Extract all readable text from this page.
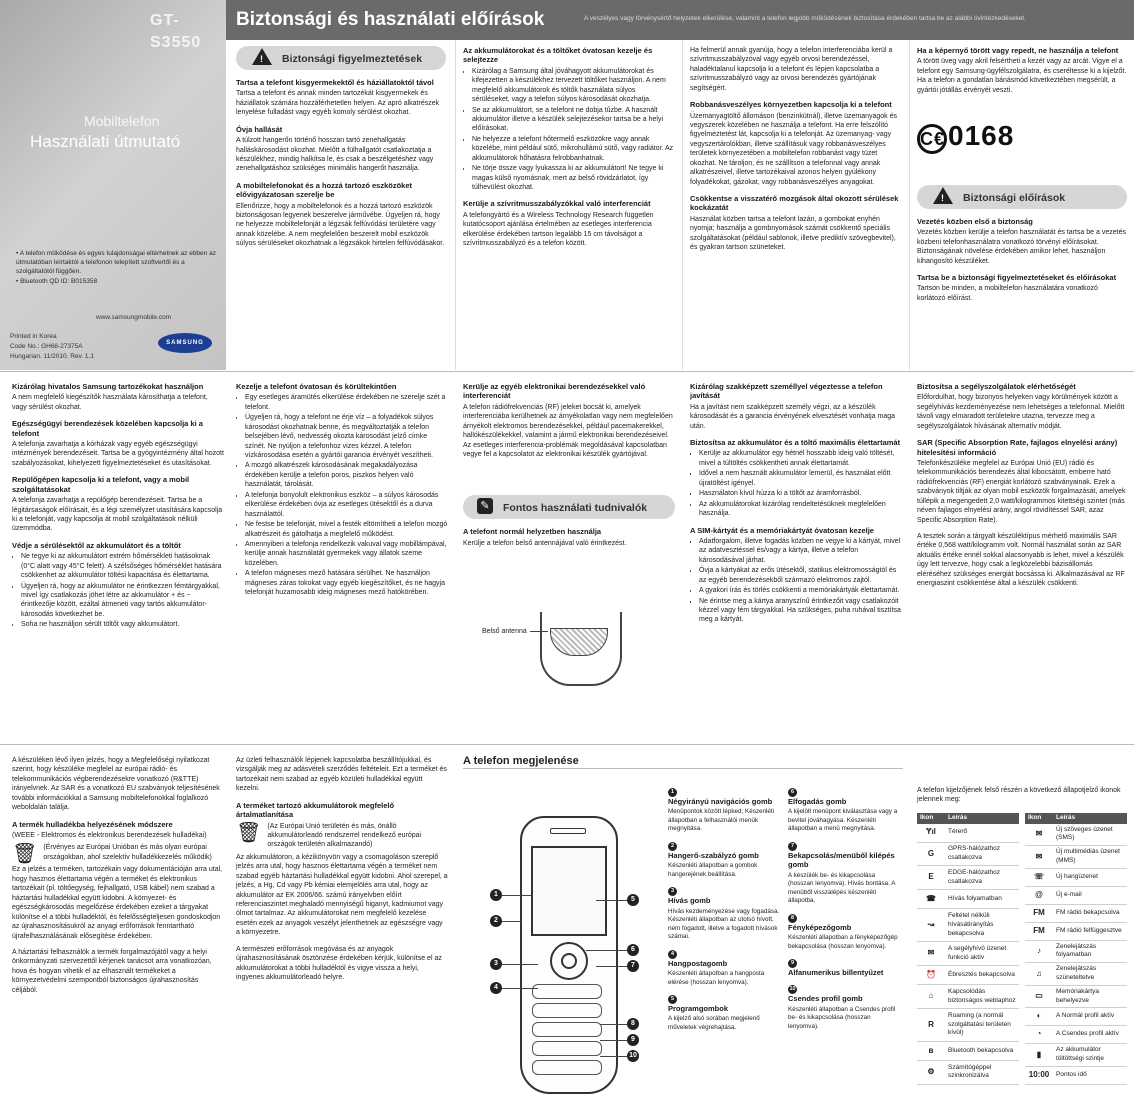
Biztonsági és használati előírások	A veszélyes vagy törvénysértő helyzetek elkerülése, valamint a telefon legjobb működésének biztosítása érdekében tartsa be az alábbi óvintézkedéseket.
GT-S3550
Mobiltelefon
Használati útmutató
• A telefon működése és egyes tulajdonságai eltérhetnek az ebben az útmutatóban leírtaktól a telefonon telepített szoftvertől és a szolgáltatótól függően.
• Bluetooth QD ID: B015358
www.samsungmobile.com
Printed in Korea
Code No.: GH68-27375A
Hungarian. 11/2010. Rev. 1.1
SAMSUNG
! Biztonsági figyelmeztetések
Tartsa a telefont kisgyermekektől és háziállatoktól távol

Tartsa a telefont és annak minden tartozékát kisgyermekek és háziállatok számára hozzáférhetetlen helyen. Az apró alkatrészek lenyelése fulladást vagy egyéb komoly sérülést okozhat.

Óvja hallását

A túlzott hangerőn történő hosszan tartó zenehallgatás halláskárosodást okozhat. Mielőtt a fülhallgatót csatlakoztatja a készülékhez, mindig halkítsa le, és csak a beszélgetéshez vagy zenehallgatáshoz szükséges minimális hangerőt használja.

A mobiltelefonokat és a hozzá tartozó eszközöket elővigyázatosan szerelje be

Ellenőrizze, hogy a mobiltelefonok és a hozzá tartozó eszközök biztonságosan legyenek beszerelve járművébe. Ügyeljen rá, hogy ne helyezze mobiltelefonját a légzsák felfúvódási területére vagy annak közelébe. A nem megfelelően beszerelt mobil eszközök súlyos sérüléseket okozhatnak a légzsákok hirtelen felfúvódásakor.

Az akkumulátorokat és a töltőket óvatosan kezelje és selejtezze
• Kizárólag a Samsung által jóváhagyott akkumulátorokat és kifejezetten a készülékhez tervezett töltőket használjon. A nem megfelelő akkumulátorok és töltők használata súlyos sérüléseket, vagy a telefon súlyos károsodását okozhatja.
• Se az akkumulátort, se a telefont ne dobja tűzbe. A használt akkumulátor illetve a készülék selejtezésekor tartsa be a helyi előírásokat.
• Ne helyezze a telefont hőtermelő eszközökre vagy annak közelébe, mint például sütő, mikrohullámú sütő, vagy radiátor. Az akkumulátorok hőhatásra felrobbanhatnak.
• Ne törje össze vagy lyukassza ki az akkumulátort! Ne tegye ki magas külső nyomásnak, mert az belső rövidzárlatot, így túlhevülést okozhat.
Kerülje a szívritmusszabályzókkal való interferenciát

A telefongyártó és a Wireless Technology Research független kutatócsoport ajánlása értelmében az esetleges interferencia elkerülése érdekében tartson legalább 15 cm távolságot a szívritmusszabályzó és a telefon között.

Ha felmerül annak gyanúja, hogy a telefon interferenciába kerül a szívritmusszabályzóval vagy egyéb orvosi berendezéssel, haladéktalanul kapcsolja ki a telefont és lépjen kapcsolatba a szívritmusszabályzó vagy az orvosi berendezés gyártójának segítségért.

Robbanásveszélyes környezetben kapcsolja ki a telefont

Üzemanyagtöltő állomáson (benzinkútnál), illetve üzemanyagok és vegyszerek közelében ne használja a telefont. Ha erre felszólító figyelmeztetést lát, kapcsolja ki a telefonját. Az üzemanyag- vagy vegyszertárolókban, illetve szállításuk vagy robbanásveszélyes területek környezetében a mobiltelefon robbanást vagy tüzet okozhat. Ne tároljon, és ne szállítson a telefonnal vagy annak alkatrészeivel, illetve tartozékaival azonos helyen gyúlékony folyadékokat, gázokat, vagy robbanásveszélyes anyagokat.

Csökkentse a visszatérő mozgások által okozott sérülések kockázatát

Használat közben tartsa a telefont lazán, a gombokat enyhén nyomja; használja a gombnyomások számát csökkentő speciális szolgáltatásokat (például sablonok, illetve prediktív szövegbevitel), és gyakran tartson szüneteket.

Ha a képernyő törött vagy repedt, ne használja a telefont

A törött üveg vagy akril felsértheti a kezét vagy az arcát. Vigye el a telefont egy Samsung-ügyfélszolgálatra, és cseréltesse ki a kijelzőt. Ha a telefon a gondatlan bánásmód következtében megsérült, a gyártói jótállás érvényét veszti.

C€ 0168
! Biztonsági előírások
Vezetés közben első a biztonság

Vezetés közben kerülje a telefon használatát és tartsa be a vezetés közbeni telefonhasználatra vonatkozó törvényi előírásokat. Biztonságának növelése érdekében amikor lehet, használjon kihangosító készüléket.

Tartsa be a biztonsági figyelmeztetéseket és előírásokat

Tartson be minden, a mobiltelefon használatára vonatkozó korlátozó előírást.

Kizárólag hivatalos Samsung tartozékokat használjon

A nem megfelelő kiegészítők használata károsíthatja a telefont, vagy sérülést okozhat.

Egészségügyi berendezések közelében kapcsolja ki a telefont

A telefonja zavarhatja a kórházak vagy egyéb egészségügyi intézmények berendezéseit. Tartsa be a gyógyintézmény által hozott szabályozásokat, kihelyezett figyelmeztetéseket és utasításokat.

Repülőgépen kapcsolja ki a telefont, vagy a mobil szolgáltatásokat

A telefonja zavarhatja a repülőgép berendezéseit. Tartsa be a légitársaságok előírásait, és a légi személyzet utasítására kapcsolja ki a telefonját, vagy kapcsolja át mobil szolgáltatások nélküli üzemmódba.

Védje a sérülésektől az akkumulátort és a töltőt
• Ne tegye ki az akkumulátort extrém hőmérsékleti hatásoknak (0°C alatt vagy 45°C felett). A szélsőséges hőmérséklet hatására csökkenhet az akkumulátor töltési kapacitása és élettartama.
• Ügyeljen rá, hogy az akkumulátor ne érintkezzen fémtárgyakkal, mivel így csatlakozás jöhet létre az akkumulátor + és − érintkezője között, ezáltal átmeneti vagy tartós akkumulátor-károsodás következhet be.
• Soha ne használjon sérült töltőt vagy akkumulátort.
Kezelje a telefont óvatosan és körültekintően
• Egy esetleges áramütés elkerülése érdekében ne szerelje szét a telefont.
• Ügyeljen rá, hogy a telefont ne érje víz – a folyadékok súlyos károsodást okozhatnak benne, és megváltoztatják a telefon belsejében lévő, nedvesség okozta károsodást jelző címke színét. Ne nyúljon a telefonhoz vizes kézzel. A telefon vízkárosodása esetén a gyártói garancia érvényét veszítheti.
• A mozgó alkatrészek károsodásának megakadályozása érdekében kerülje a telefon poros, piszkos helyen való használatát, tárolását.
• A telefonja bonyolult elektronikus eszköz – a súlyos károsodás elkerülése érdekében óvja az esetleges ütésektől és a durva használattól.
• Ne festse be telefonját, mivel a festék eltömítheti a telefon mozgó alkatrészeit és gátolhatja a megfelelő működést.
• Amennyiben a telefonja rendelkezik vakuval vagy mobillámpával, kerülje annak használatát gyermekek vagy állatok szeme közelében.
• A telefon mágneses mező hatására sérülhet. Ne használjon mágneses záras tokokat vagy egyéb kiegészítőket, és ne hagyja telefonját huzamosabb ideig mágneses mező hatókörében.
Kerülje az egyéb elektronikai berendezésekkel való interferenciát

A telefon rádiófrekvenciás (RF) jeleket bocsát ki, amelyek interferenciába kerülhetnek az árnyékolatlan vagy nem megfelelően árnyékolt elektromos berendezésekkel, például pacemakerekkel, hallókészülékekkel, valamint a jármű elektronikai berendezéseivel. Az esetleges interferencia-problémák megoldásával kapcsolatban vegye fel a kapcsolatot az elektronikai készülék gyártójával.

✎	Fontos használati tudnivalók
A telefont normál helyzetben használja

Kerülje a telefon belső antennájával való érintkezést.

Belső antenna
Kizárólag szakképzett személlyel végeztesse a telefon javítását

Ha a javítást nem szakképzett személy végzi, az a készülék károsodását és a garancia érvényének elvesztését vonhatja maga után.

Biztosítsa az akkumulátor és a töltő maximális élettartamát
• Kerülje az akkumulátor egy hétnél hosszabb ideig való töltését, mivel a túltöltés csökkentheti annak élettartamát.
• Idővel a nem használt akkumulátor lemerül, és használat előtt újratöltést igényel.
• Használaton kívül húzza ki a töltőt az áramforrásból.
• Az akkumulátorokat kizárólag rendeltetésüknek megfelelően használja.
A SIM-kártyát és a memóriakártyát óvatosan kezelje
• Adatforgalom, illetve fogadás közben ne vegye ki a kártyát, mivel az adatvesztéssel és/vagy a kártya, illetve a telefon károsodásával járhat.
• Óvja a kártyákat az erős ütésektől, statikus elektromosságtól és az egyéb berendezésekből származó elektromos zajtól.
• A gyakori írás és törlés csökkenti a memóriakártyák élettartamát.
• Ne érintse meg a kártya aranyszínű érintkezőit vagy csatlakozóit kézzel vagy fém tárgyakkal. Ha szükséges, puha ruhával tisztítsa meg a kártyát.
Biztosítsa a segélyszolgálatok elérhetőségét

Előfordulhat, hogy bizonyos helyeken vagy körülmények között a segélyhívás kezdeményezése nem lehetséges a telefonnal. Mielőtt távoli vagy elmaradott területekre utazna, tervezze meg a segélyszolgálatok hívásának alternatív módját.

SAR (Specific Absorption Rate, fajlagos elnyelési arány) hitelesítési információ

Telefonkészüléke megfelel az Európai Unió (EU) rádió és telekommunikációs berendezés által kibocsátott, emberre ható rádiófrekvenciás (RF) energiát korlátozó szabványainak. Ezek a szabványok tiltják az olyan mobil eszközök forgalmazását, amelyek túllépik a megengedett 2,0 watt/kilogrammos kitettségi szintet (más néven fajlagos elnyelési arány, angol rövidítéssel SAR, azaz Specific Absorption Rate).

A tesztek során a tárgyalt készüléktípus mérhető maximális SAR értéke 0,568 watt/kilogramm volt. Normál használat során az SAR aktuális értéke ennél sokkal alacsonyabb is lehet, mivel a készülék úgy lett tervezve, hogy csak a legközelebbi bázisállomás eléréséhez szükséges energiát bocsássa ki. Alkalmazásával az RF energiaszint csökkentése által a készülék csökkenti.

A készüléken lévő ilyen jelzés, hogy a Megfelelőségi nyilatkozat szerint, hogy készüléke megfelel az európai rádió- és telekommunikációs végberendezésekre vonatkozó (R&TTE) irányelvnek. Az SAR és a vonatkozó EU szabványok teljesítésének további információkkal a Samsung mobiltelefonokkal foglalkozó weboldalán találja.

A termék hulladékba helyezésének módszere

(WEEE - Elektromos és elektronikus berendezések hulladékai)

🗑 (Érvényes az Európai Unióban és más olyan európai országokban, ahol szelektív hulladékkezelés működik)

Ez a jelzés a terméken, tartozékain vagy dokumentációján arra utal, hogy hasznos élettartama végén a terméket és elektronikus tartozékait (pl. töltőegység, fejhallgató, USB kábel) nem szabad a háztartási hulladékkal együtt kidobni. A környezet- és egészségkárosodás megelőzése érdekében ezeket a tárgyakat különítse el a többi hulladéktól, és felelősségteljesen gondoskodjon az újrahasznosításukról az anyagi erőforrások fenntartható újrafelhasználásának elősegítése érdekében.

A háztartási felhasználók a termék forgalmazójától vagy a helyi önkormányzati szervezettől kérjenek tanácsot arra vonatkozóan, hova és hogyan vihetik el az elhasznált termékeket a környezetvédelmi szempontból biztonságos újrahasznosítás céljából.

Az üzleti felhasználók lépjenek kapcsolatba beszállítójukkal, és vizsgálják meg az adásvételi szerződés feltételeit. Ezt a terméket és tartozékait nem szabad az egyéb közületi hulladékkal együtt kezelni.

A terméket tartozó akkumulátorok megfelelő ártalmatlanítása
🗑 (Az Európai Unió területén és más, önálló akkumulátorleadó rendszerrel rendelkező európai országok területén alkalmazandó)

Az akkumulátoron, a kézikönyvön vagy a csomagoláson szereplő jelzés arra utal, hogy hasznos élettartama végén a terméket nem szabad egyéb háztartási hulladékkal együtt kidobni. Ahol szerepel, a jelzés, a Hg, Cd vagy Pb kémiai elemjelölés arra utal, hogy az akkumulátor az EK 2006/66. számú irányelvben előírt referenciaszintet meghaladó mennyiségű higanyt, kadmiumot vagy ólmot tartalmaz. Az akkumulátorokat nem megfelelő kezelése esetén ezek az anyagok veszélyt jelenthetnek az egészségre vagy a környezetre.

A természeti erőforrások megóvása és az anyagok újrahasznosításának ösztönzése érdekében kérjük, különítse el az akkumulátorokat a többi hulladéktól és vigye vissza a helyi, ingyenes akkumulátorleadó helyre.

A telefon megjelenése
1
2
3
4
5
6
7
8
9
10
1
Négyirányú navigációs gomb
Menüpontok között lépked; Készenléti állapotban a felhasználói menük megnyitása.
2
Hangerő-szabályzó gomb
Készenléti állapotban a gombok hangerejének beállítása.
3
Hívás gomb
Hívás kezdeményezése vagy fogadása. Készenléti állapotban az utolsó hívott, nem fogadott, illetve a fogadott hívások számai.
4
Hangpostagomb
Készenléti állapotban a hangposta elérése (hosszan lenyomva).
5
Programgombok
A kijelző alsó sorában megjelenő műveletek végrehajtása.
6
Elfogadás gomb
A kijelölt menüpont kiválasztása vagy a bevitel jóváhagyása. Készenléti állapotban a menü megnyitása.
7
Bekapcsolás/menüből kilépés gomb
A készülék be- és kikapcsolása (hosszan lenyomva). Hívás bontása. A menüből visszalépés készenléti állapotba.
8
Fényképezőgomb
Készenléti állapotban a fényképezőgép bekapcsolása (hosszan lenyomva).
9
Alfanumerikus billentyűzet
10
Csendes profil gomb
Készenléti állapotban a Csendes profil be- és kikapcsolása (hosszan lenyomva).

A telefon kijelzőjének felső részén a következő állapotjelző ikonok jelennek meg:

Ikon	Leírás
Ɏıl	Térerő
G	GPRS-hálózathoz csatlakozva
E	EDGE-hálózathoz csatlakozva
☎	Hívás folyamatban
↝	Feltétel nélküli hívásátirányítás bekapcsolva
✉	A segélyhívó üzenet funkció aktív
⏰	Ébresztés bekapcsolva
⌂	Kapcsolódás biztonságos weblaphoz
R	Roaming (a normál szolgáltatási területen kívül)
ʙ	Bluetooth bekapcsolva
⚙	Számítógéppel szinkronizálva
Ikon	Leírás
✉	Új szöveges üzenet (SMS)
✉	Új multimédiás üzenet (MMS)
☏	Új hangüzenet
@	Új e-mail
FM	FM rádió bekapcsolva
FM	FM rádió felfüggesztve
♪	Zenelejátszás folyamatban
♫	Zenelejátszás szüneteltetve
▭	Memóriakártya behelyezve
◐	A Normál profil aktív
◔	A Csendes profil aktív
▮	Az akkumulátor töltöttségi szintje
10:00	Pontos idő
